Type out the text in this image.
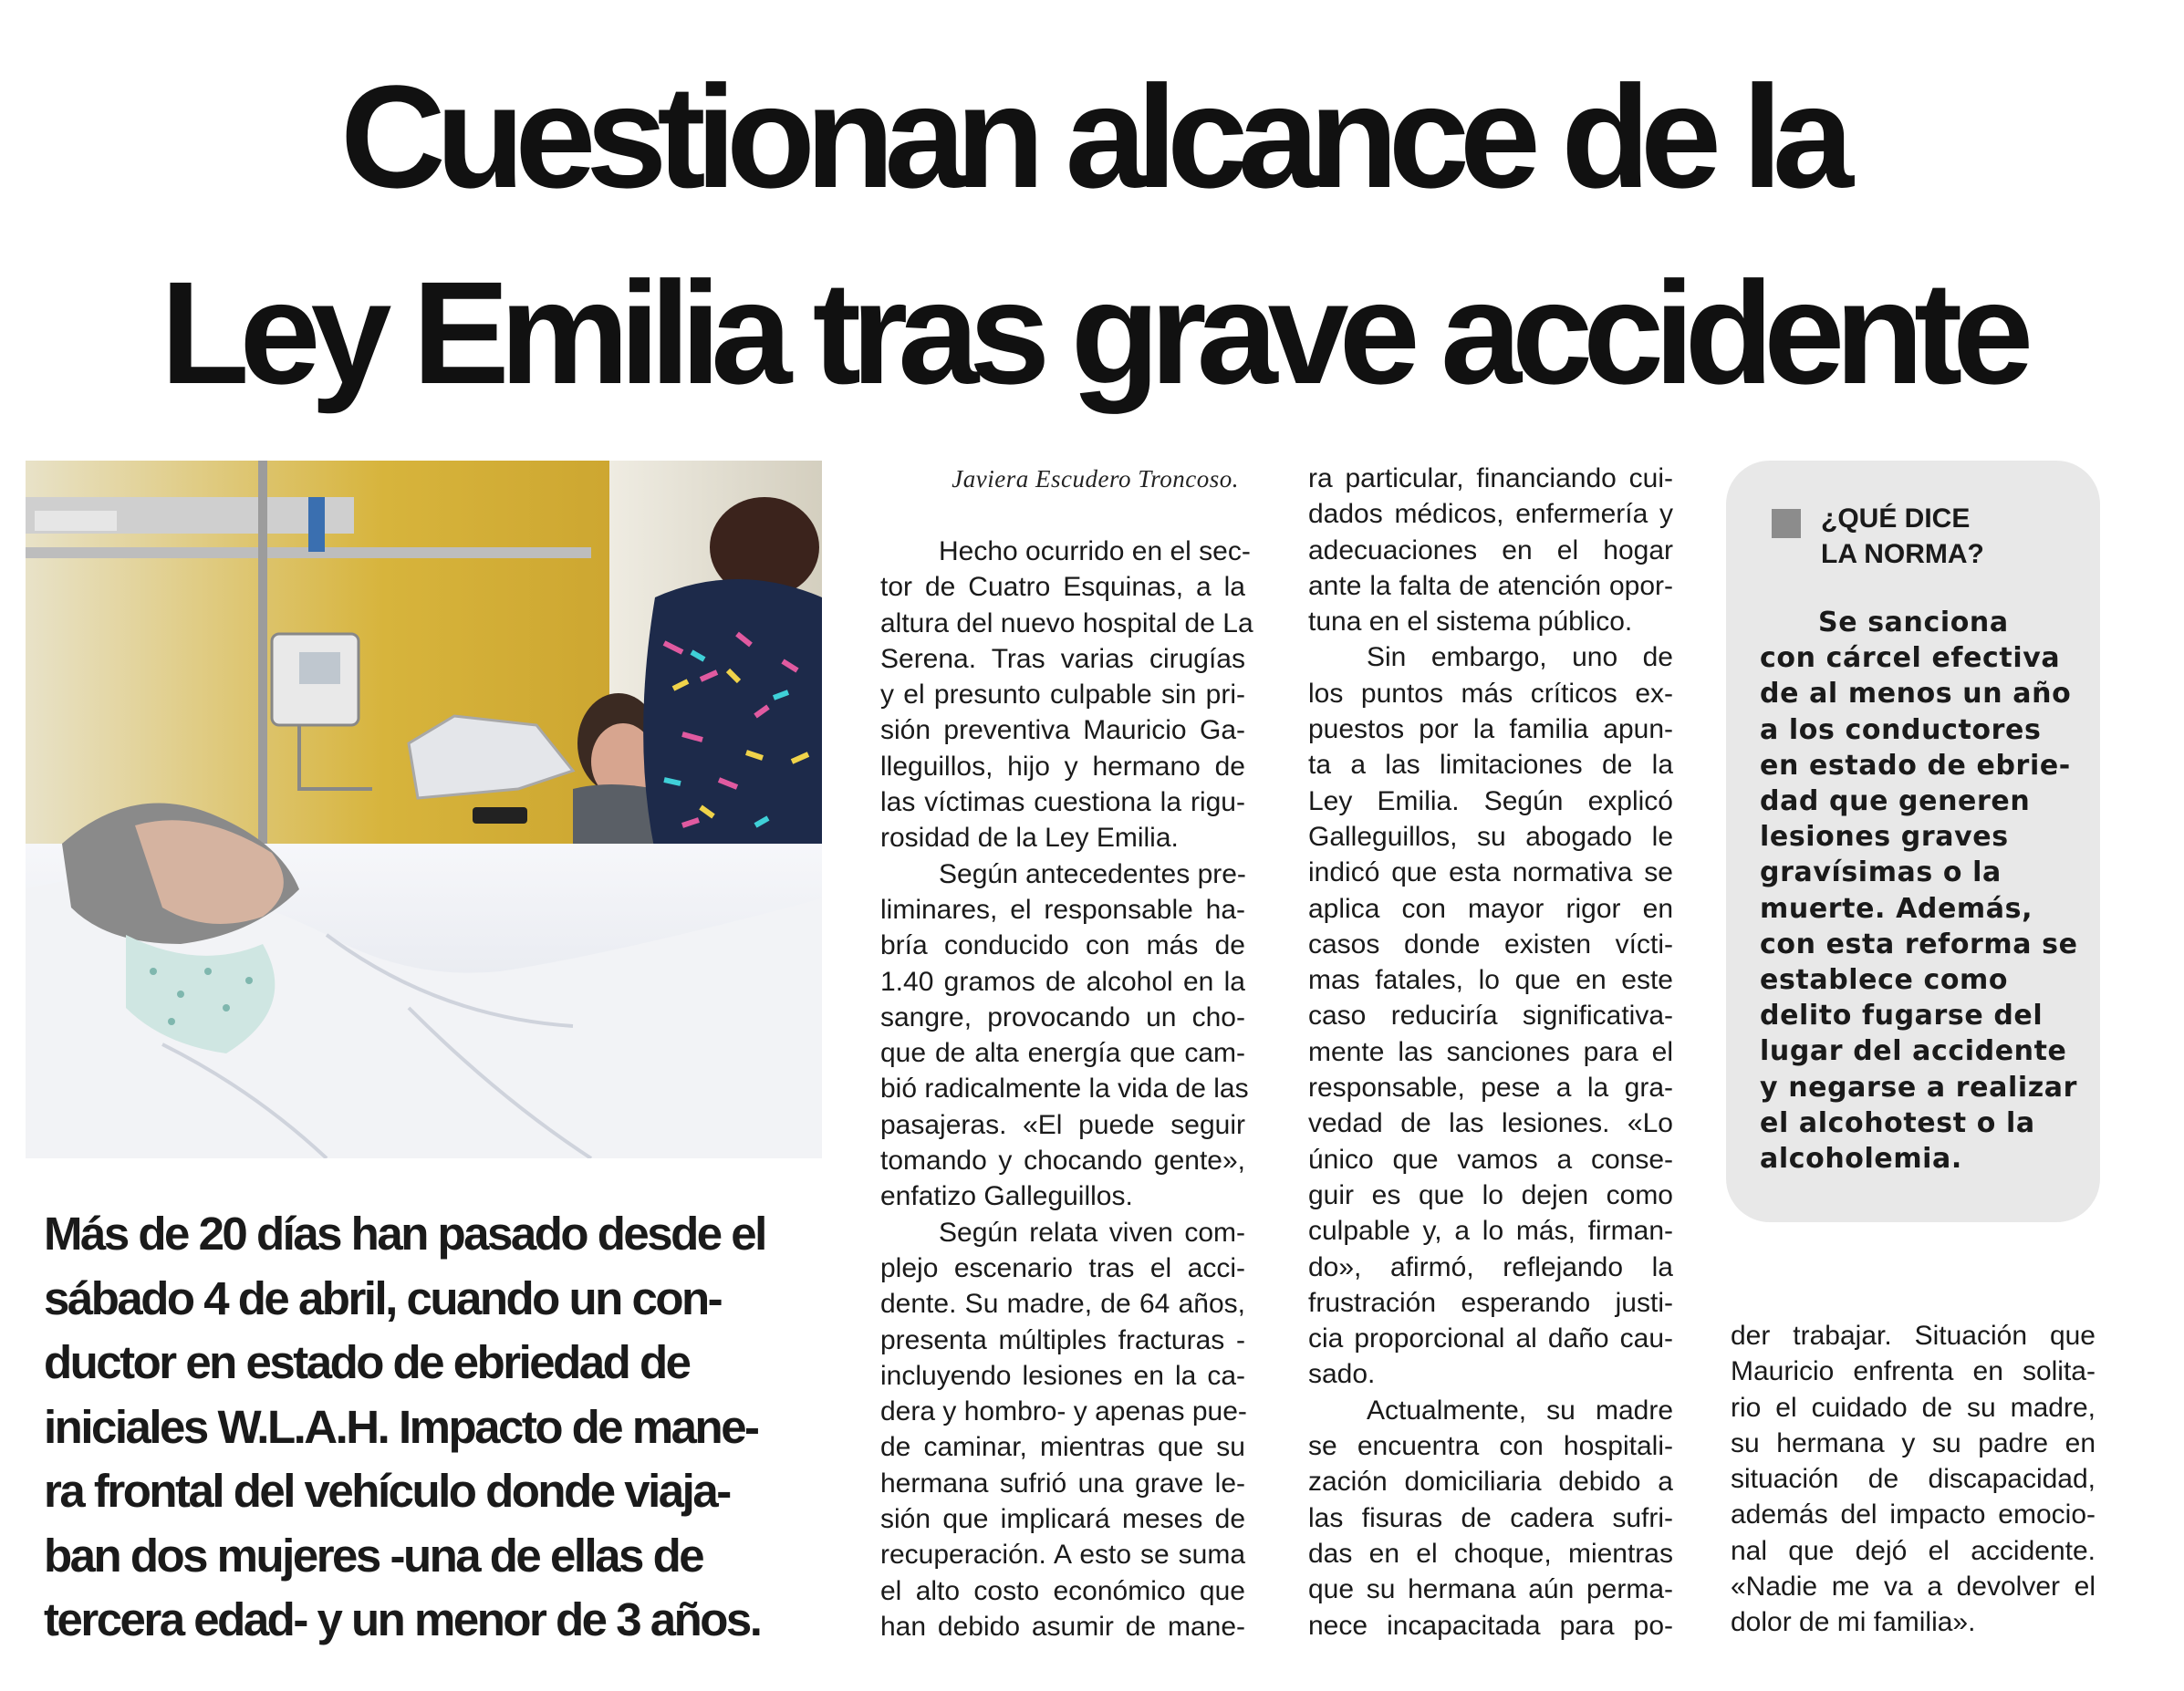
Cuestionan alcance de la
Ley Emilia tras grave accidente

Más de 20 días han pasado desde el
sábado 4 de abril, cuando un con-
ductor en estado de ebriedad de
iniciales W.L.A.H. Impacto de mane-
ra frontal del vehículo donde viaja-
ban dos mujeres -una de ellas de
tercera edad- y un menor de 3 años.

Javiera Escudero Troncoso.

Hecho ocurrido en el sec-
tor de Cuatro Esquinas, a la
altura del nuevo hospital de La
Serena. Tras varias cirugías
y el presunto culpable sin pri-
sión preventiva Mauricio Ga-
lleguillos, hijo y hermano de
las víctimas cuestiona la rigu-
rosidad de la Ley Emilia.
Según antecedentes pre-
liminares, el responsable ha-
bría conducido con más de
1.40 gramos de alcohol en la
sangre, provocando un cho-
que de alta energía que cam-
bió radicalmente la vida de las
pasajeras. «El puede seguir
tomando y chocando gente»,
enfatizo Galleguillos.
Según relata viven com-
plejo escenario tras el acci-
dente. Su madre, de 64 años,
presenta múltiples fracturas -
incluyendo lesiones en la ca-
dera y hombro- y apenas pue-
de caminar, mientras que su
hermana sufrió una grave le-
sión que implicará meses de
recuperación. A esto se suma
el alto costo económico que
han debido asumir de mane-
ra particular, financiando cui-
dados médicos, enfermería y
adecuaciones en el hogar
ante la falta de atención opor-
tuna en el sistema público.
Sin embargo, uno de
los puntos más críticos ex-
puestos por la familia apun-
ta a las limitaciones de la
Ley Emilia. Según explicó
Galleguillos, su abogado le
indicó que esta normativa se
aplica con mayor rigor en
casos donde existen vícti-
mas fatales, lo que en este
caso reduciría significativa-
mente las sanciones para el
responsable, pese a la gra-
vedad de las lesiones. «Lo
único que vamos a conse-
guir es que lo dejen como
culpable y, a lo más, firman-
do», afirmó, reflejando la
frustración esperando justi-
cia proporcional al daño cau-
sado.
Actualmente, su madre
se encuentra con hospitali-
zación domiciliaria debido a
las fisuras de cadera sufri-
das en el choque, mientras
que su hermana aún perma-
nece incapacitada para po-

¿QUÉ DICE
LA NORMA?

Se sanciona
con cárcel efectiva
de al menos un año
a los conductores
en estado de ebrie-
dad que generen
lesiones graves
gravísimas o la
muerte. Además,
con esta reforma se
establece como
delito fugarse del
lugar del accidente
y negarse a realizar
el alcohotest o la
alcoholemia.

der trabajar. Situación que
Mauricio enfrenta en solita-
rio el cuidado de su madre,
su hermana y su padre en
situación de discapacidad,
además del impacto emocio-
nal que dejó el accidente.
«Nadie me va a devolver el
dolor de mi familia».
